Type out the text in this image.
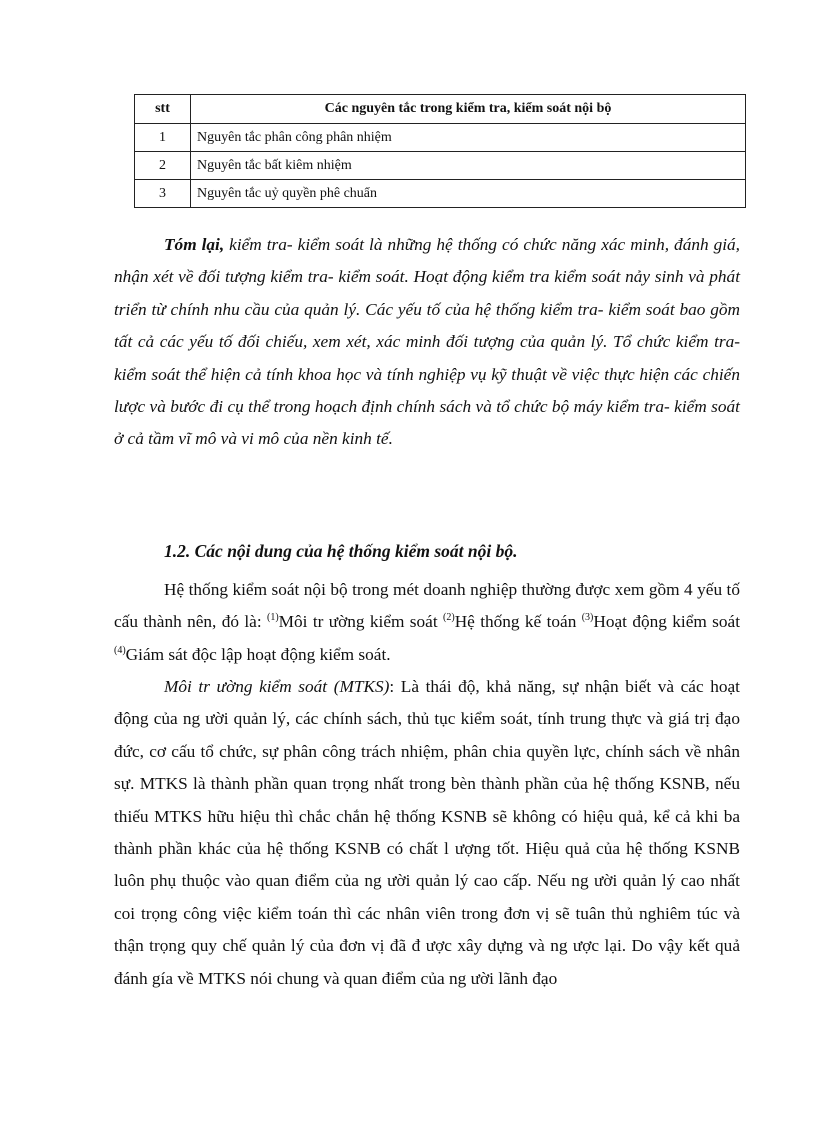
stt	Các nguyên tắc trong kiểm tra, kiểm soát nội bộ
1	Nguyên tắc phân công phân nhiệm
2	Nguyên tắc bất kiêm nhiệm
3	Nguyên tắc uỷ quyền phê chuẩn

Tóm lại, kiểm tra- kiểm soát là những hệ thống có chức năng xác minh, đánh giá, nhận xét về đối tượng kiểm tra- kiểm soát. Hoạt động kiểm tra kiểm soát nảy sinh và phát triển từ chính nhu cầu của quản lý. Các yếu tố của hệ thống kiểm tra- kiểm soát bao gồm tất cả các yếu tố đối chiếu, xem xét, xác minh đối tượng của quản lý. Tổ chức kiểm tra- kiểm soát thể hiện cả tính khoa học và tính nghiệp vụ kỹ thuật về việc thực hiện các chiến lược và bước đi cụ thể trong hoạch định chính sách và tổ chức bộ máy kiểm tra- kiểm soát ở cả tầm vĩ mô và vi mô của nền kinh tế.

1.2. Các nội dung của hệ thống kiểm soát nội bộ.

Hệ thống kiểm soát nội bộ trong mét doanh nghiệp thường được xem gồm 4 yếu tố cấu thành nên, đó là: $^{(1)}$Môi tr ường kiểm soát $^{(2)}$Hệ thống kế toán $^{(3)}$Hoạt động kiểm soát $^{(4)}$Giám sát độc lập hoạt động kiểm soát.

Môi tr ường kiểm soát (MTKS): Là thái độ, khả năng, sự nhận biết và các hoạt động của ng ười quản lý, các chính sách, thủ tục kiểm soát, tính trung thực và giá trị đạo đức, cơ cấu tổ chức, sự phân công trách nhiệm, phân chia quyền lực, chính sách về nhân sự. MTKS là thành phần quan trọng nhất trong bèn thành phần của hệ thống KSNB, nếu thiếu MTKS hữu hiệu thì chắc chắn hệ thống KSNB sẽ không có hiệu quả, kể cả khi ba thành phần khác của hệ thống KSNB có chất l ượng tốt. Hiệu quả của hệ thống KSNB luôn phụ thuộc vào quan điểm của ng ười quản lý cao cấp. Nếu ng ười quản lý cao nhất coi trọng công việc kiểm toán thì các nhân viên trong đơn vị sẽ tuân thủ nghiêm túc và thận trọng quy chế quản lý của đơn vị đã đ ược xây dựng và ng ược lại. Do vậy kết quả đánh gía về MTKS nói chung và quan điểm của ng ười lãnh đạo
